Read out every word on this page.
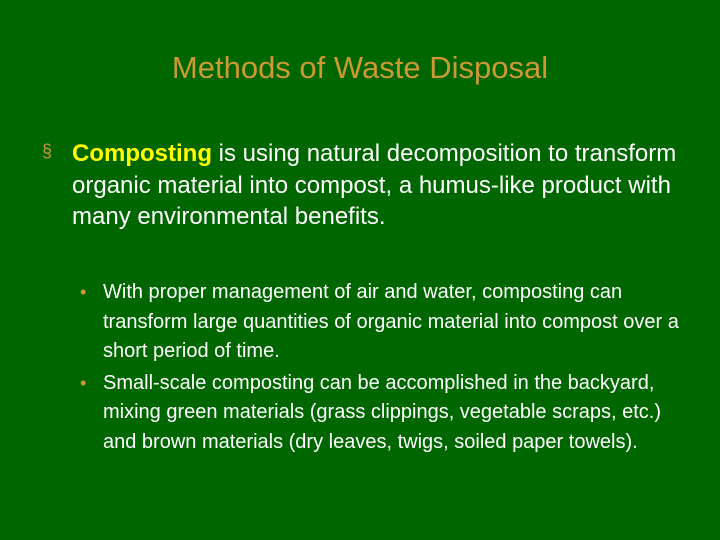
Methods of Waste Disposal
§ Composting is using natural decomposition to transform organic material into compost, a humus-like product with many environmental benefits.
• With proper management of air and water, composting can transform large quantities of organic material into compost over a short period of time.
• Small-scale composting can be accomplished in the backyard, mixing green materials (grass clippings, vegetable scraps, etc.) and brown materials (dry leaves, twigs, soiled paper towels).
